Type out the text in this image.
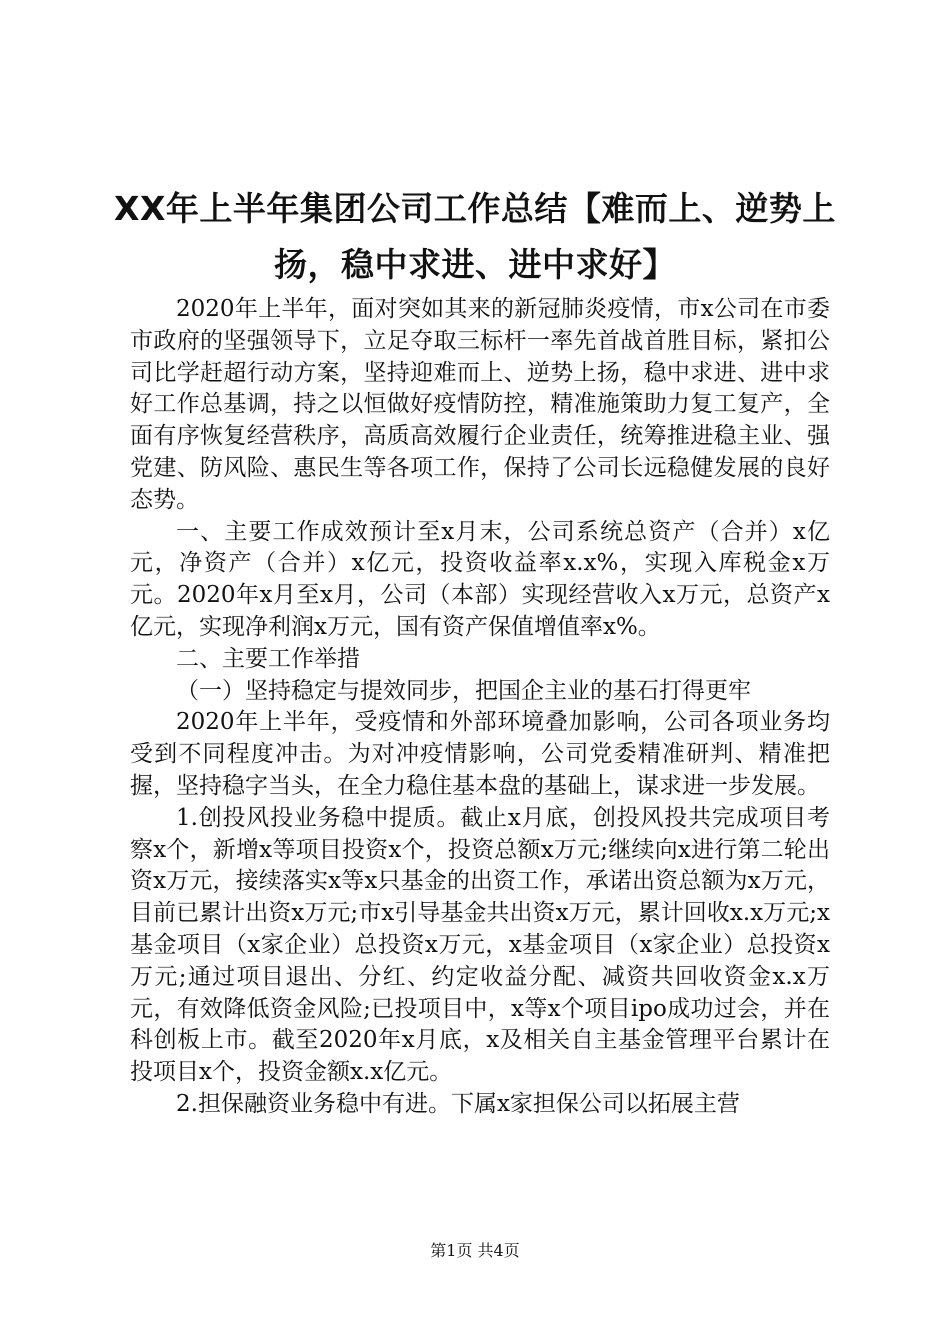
XX年上半年集团公司工作总结【难而上、逆势上扬，稳中求进、进中求好】

2020年上半年，面对突如其来的新冠肺炎疫情，市x公司在市委市政府的坚强领导下，立足夺取三标杆一率先首战首胜目标，紧扣公司比学赶超行动方案，坚持迎难而上、逆势上扬，稳中求进、进中求好工作总基调，持之以恒做好疫情防控，精准施策助力复工复产，全面有序恢复经营秩序，高质高效履行企业责任，统筹推进稳主业、强党建、防风险、惠民生等各项工作，保持了公司长远稳健发展的良好态势。

一、主要工作成效预计至x月末，公司系统总资产（合并）x亿元，净资产（合并）x亿元，投资收益率x.x%，实现入库税金x万元。2020年x月至x月，公司（本部）实现经营收入x万元，总资产x亿元，实现净利润x万元，国有资产保值增值率x%。

二、主要工作举措

（一）坚持稳定与提效同步，把国企主业的基石打得更牢

2020年上半年，受疫情和外部环境叠加影响，公司各项业务均受到不同程度冲击。为对冲疫情影响，公司党委精准研判、精准把握，坚持稳字当头，在全力稳住基本盘的基础上，谋求进一步发展。

1.创投风投业务稳中提质。截止x月底，创投风投共完成项目考察x个，新增x等项目投资x个，投资总额x万元;继续向x进行第二轮出资x万元，接续落实x等x只基金的出资工作，承诺出资总额为x万元，目前已累计出资x万元;市x引导基金共出资x万元，累计回收x.x万元;x基金项目（x家企业）总投资x万元，x基金项目（x家企业）总投资x万元;通过项目退出、分红、约定收益分配、减资共回收资金x.x万元，有效降低资金风险;已投项目中，x等x个项目ipo成功过会，并在科创板上市。截至2020年x月底，x及相关自主基金管理平台累计在投项目x个，投资金额x.x亿元。

2.担保融资业务稳中有进。下属x家担保公司以拓展主营

第1页 共4页
